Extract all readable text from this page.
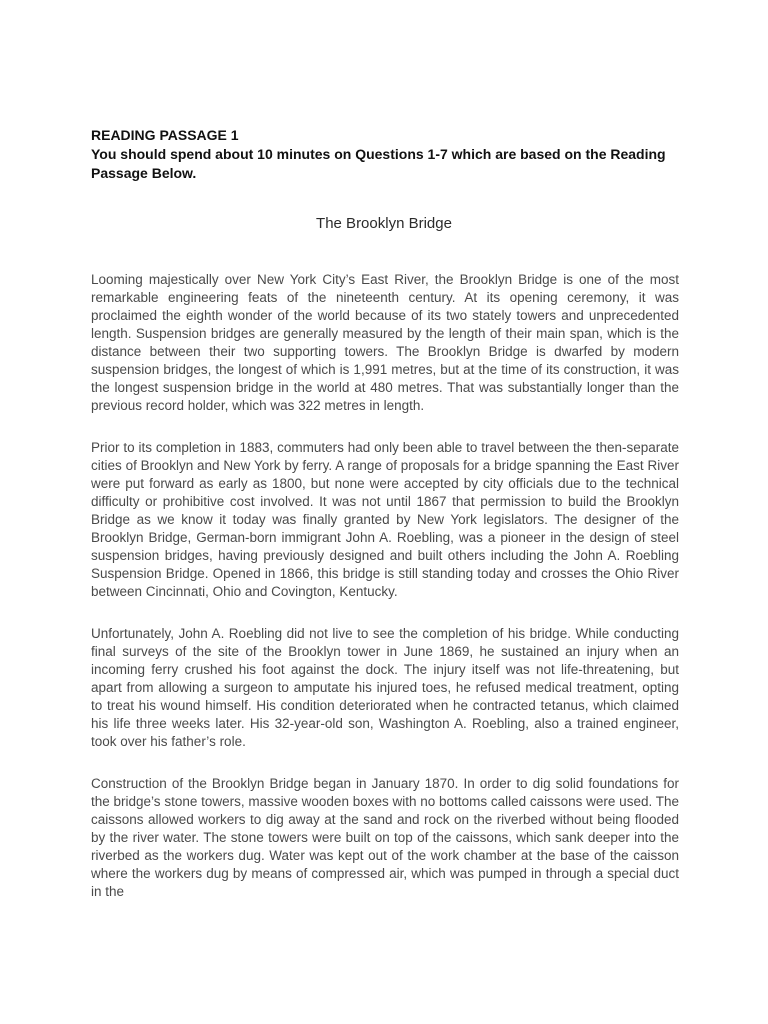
READING PASSAGE 1
You should spend about 10 minutes on Questions 1-7 which are based on the Reading Passage Below.
The Brooklyn Bridge

Looming majestically over New York City’s East River, the Brooklyn Bridge is one of the most remarkable engineering feats of the nineteenth century. At its opening ceremony, it was proclaimed the eighth wonder of the world because of its two stately towers and unprecedented length. Suspension bridges are generally measured by the length of their main span, which is the distance between their two supporting towers. The Brooklyn Bridge is dwarfed by modern suspension bridges, the longest of which is 1,991 metres, but at the time of its construction, it was the longest suspension bridge in the world at 480 metres. That was substantially longer than the previous record holder, which was 322 metres in length.

Prior to its completion in 1883, commuters had only been able to travel between the then-separate cities of Brooklyn and New York by ferry. A range of proposals for a bridge spanning the East River were put forward as early as 1800, but none were accepted by city officials due to the technical difficulty or prohibitive cost involved. It was not until 1867 that permission to build the Brooklyn Bridge as we know it today was finally granted by New York legislators. The designer of the Brooklyn Bridge, German-born immigrant John A. Roebling, was a pioneer in the design of steel suspension bridges, having previously designed and built others including the John A. Roebling Suspension Bridge. Opened in 1866, this bridge is still standing today and crosses the Ohio River between Cincinnati, Ohio and Covington, Kentucky.

Unfortunately, John A. Roebling did not live to see the completion of his bridge. While conducting final surveys of the site of the Brooklyn tower in June 1869, he sustained an injury when an incoming ferry crushed his foot against the dock. The injury itself was not life-threatening, but apart from allowing a surgeon to amputate his injured toes, he refused medical treatment, opting to treat his wound himself. His condition deteriorated when he contracted tetanus, which claimed his life three weeks later. His 32-year-old son, Washington A. Roebling, also a trained engineer, took over his father’s role.

Construction of the Brooklyn Bridge began in January 1870. In order to dig solid foundations for the bridge’s stone towers, massive wooden boxes with no bottoms called caissons were used. The caissons allowed workers to dig away at the sand and rock on the riverbed without being flooded by the river water. The stone towers were built on top of the caissons, which sank deeper into the riverbed as the workers dug. Water was kept out of the work chamber at the base of the caisson where the workers dug by means of compressed air, which was pumped in through a special duct in the
